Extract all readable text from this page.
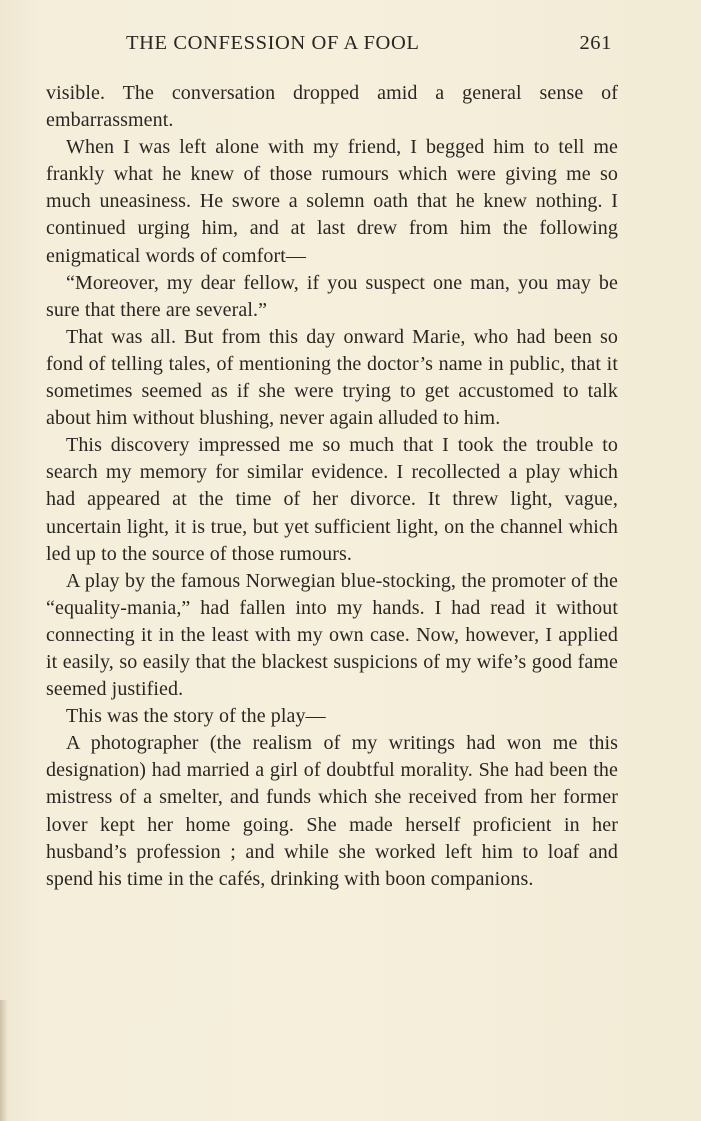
THE CONFESSION OF A FOOL	261

visible. The conversation dropped amid a general sense of embarrassment.

When I was left alone with my friend, I begged him to tell me frankly what he knew of those rumours which were giving me so much uneasiness. He swore a solemn oath that he knew nothing. I continued urging him, and at last drew from him the following enigmatical words of comfort—

“Moreover, my dear fellow, if you suspect one man, you may be sure that there are several.”

That was all. But from this day onward Marie, who had been so fond of telling tales, of mentioning the doctor’s name in public, that it sometimes seemed as if she were trying to get accustomed to talk about him without blushing, never again alluded to him.

This discovery impressed me so much that I took the trouble to search my memory for similar evidence. I recollected a play which had appeared at the time of her divorce. It threw light, vague, uncertain light, it is true, but yet sufficient light, on the channel which led up to the source of those rumours.

A play by the famous Norwegian blue-stocking, the promoter of the “equality-mania,” had fallen into my hands. I had read it without connecting it in the least with my own case. Now, however, I applied it easily, so easily that the blackest suspicions of my wife’s good fame seemed justified.

This was the story of the play—

A photographer (the realism of my writings had won me this designation) had married a girl of doubtful morality. She had been the mistress of a smelter, and funds which she received from her former lover kept her home going. She made herself proficient in her husband’s profession ; and while she worked left him to loaf and spend his time in the cafés, drinking with boon companions.
